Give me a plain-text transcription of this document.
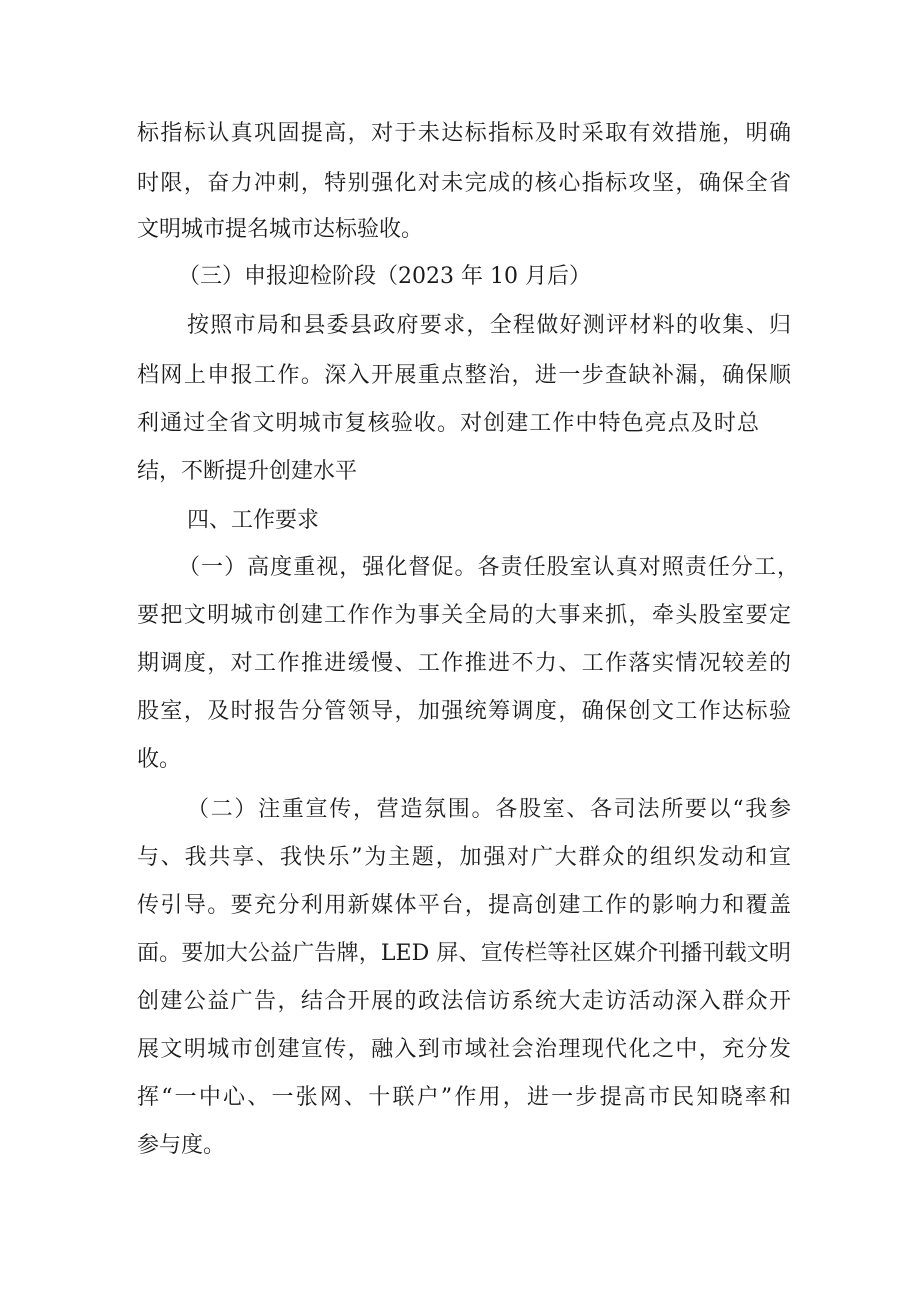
标指标认真巩固提高，对于未达标指标及时采取有效措施，明确
时限，奋力冲刺，特别强化对未完成的核心指标攻坚，确保全省
文明城市提名城市达标验收。
（三）申报迎检阶段（2023 年 10 月后）
按照市局和县委县政府要求，全程做好测评材料的收集、归
档网上申报工作。深入开展重点整治，进一步查缺补漏，确保顺
利通过全省文明城市复核验收。对创建工作中特色亮点及时总
结，不断提升创建水平
四、工作要求
（一）高度重视，强化督促。各责任股室认真对照责任分工，
要把文明城市创建工作作为事关全局的大事来抓，牵头股室要定
期调度，对工作推进缓慢、工作推进不力、工作落实情况较差的
股室，及时报告分管领导，加强统筹调度，确保创文工作达标验
收。
（二）注重宣传，营造氛围。各股室、各司法所要以“我参
与、我共享、我快乐”为主题，加强对广大群众的组织发动和宣
传引导。要充分利用新媒体平台，提高创建工作的影响力和覆盖
面。要加大公益广告牌，LED 屏、宣传栏等社区媒介刊播刊载文明
创建公益广告，结合开展的政法信访系统大走访活动深入群众开
展文明城市创建宣传，融入到市域社会治理现代化之中，充分发
挥“一中心、一张网、十联户”作用，进一步提高市民知晓率和
参与度。
